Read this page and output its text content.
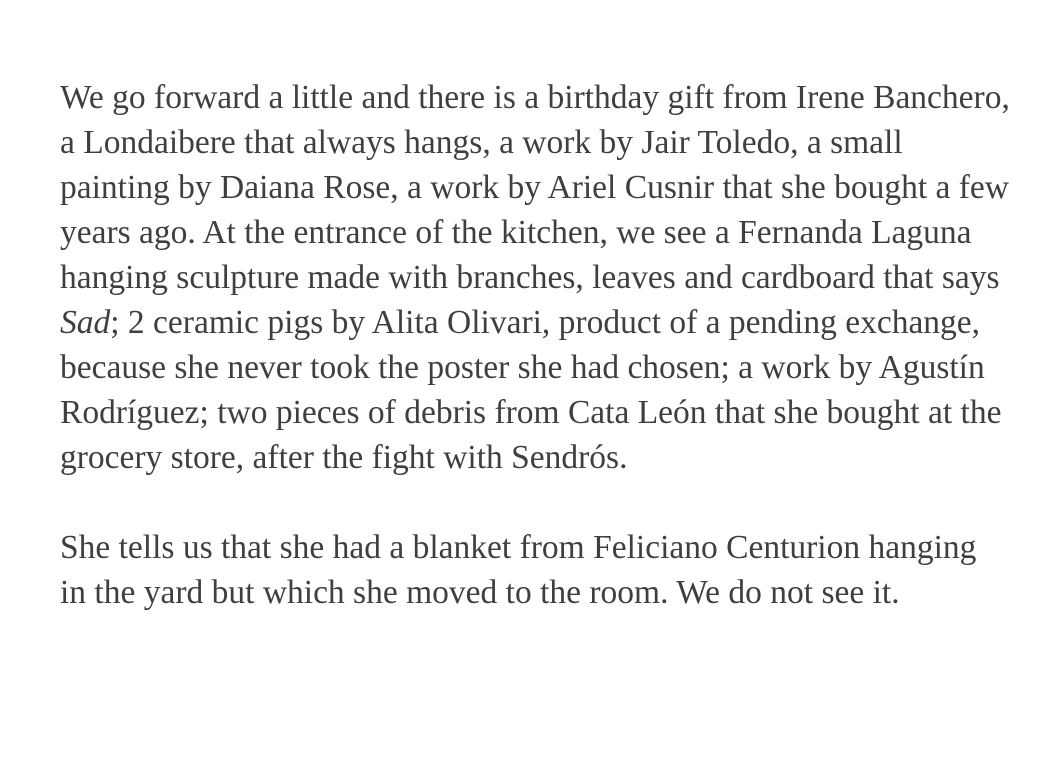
We go forward a little and there is a birthday gift from Irene Banchero, a Londaibere that always hangs, a work by Jair Toledo, a small painting by Daiana Rose, a work by Ariel Cusnir that she bought a few years ago. At the entrance of the kitchen, we see a Fernanda Laguna hanging sculpture made with branches, leaves and cardboard that says Sad; 2 ceramic pigs by Alita Olivari, product of a pending exchange, because she never took the poster she had chosen; a work by Agustín Rodríguez; two pieces of debris from Cata León that she bought at the grocery store, after the fight with Sendrós.

She tells us that she had a blanket from Feliciano Centurion hanging in the yard but which she moved to the room. We do not see it.
